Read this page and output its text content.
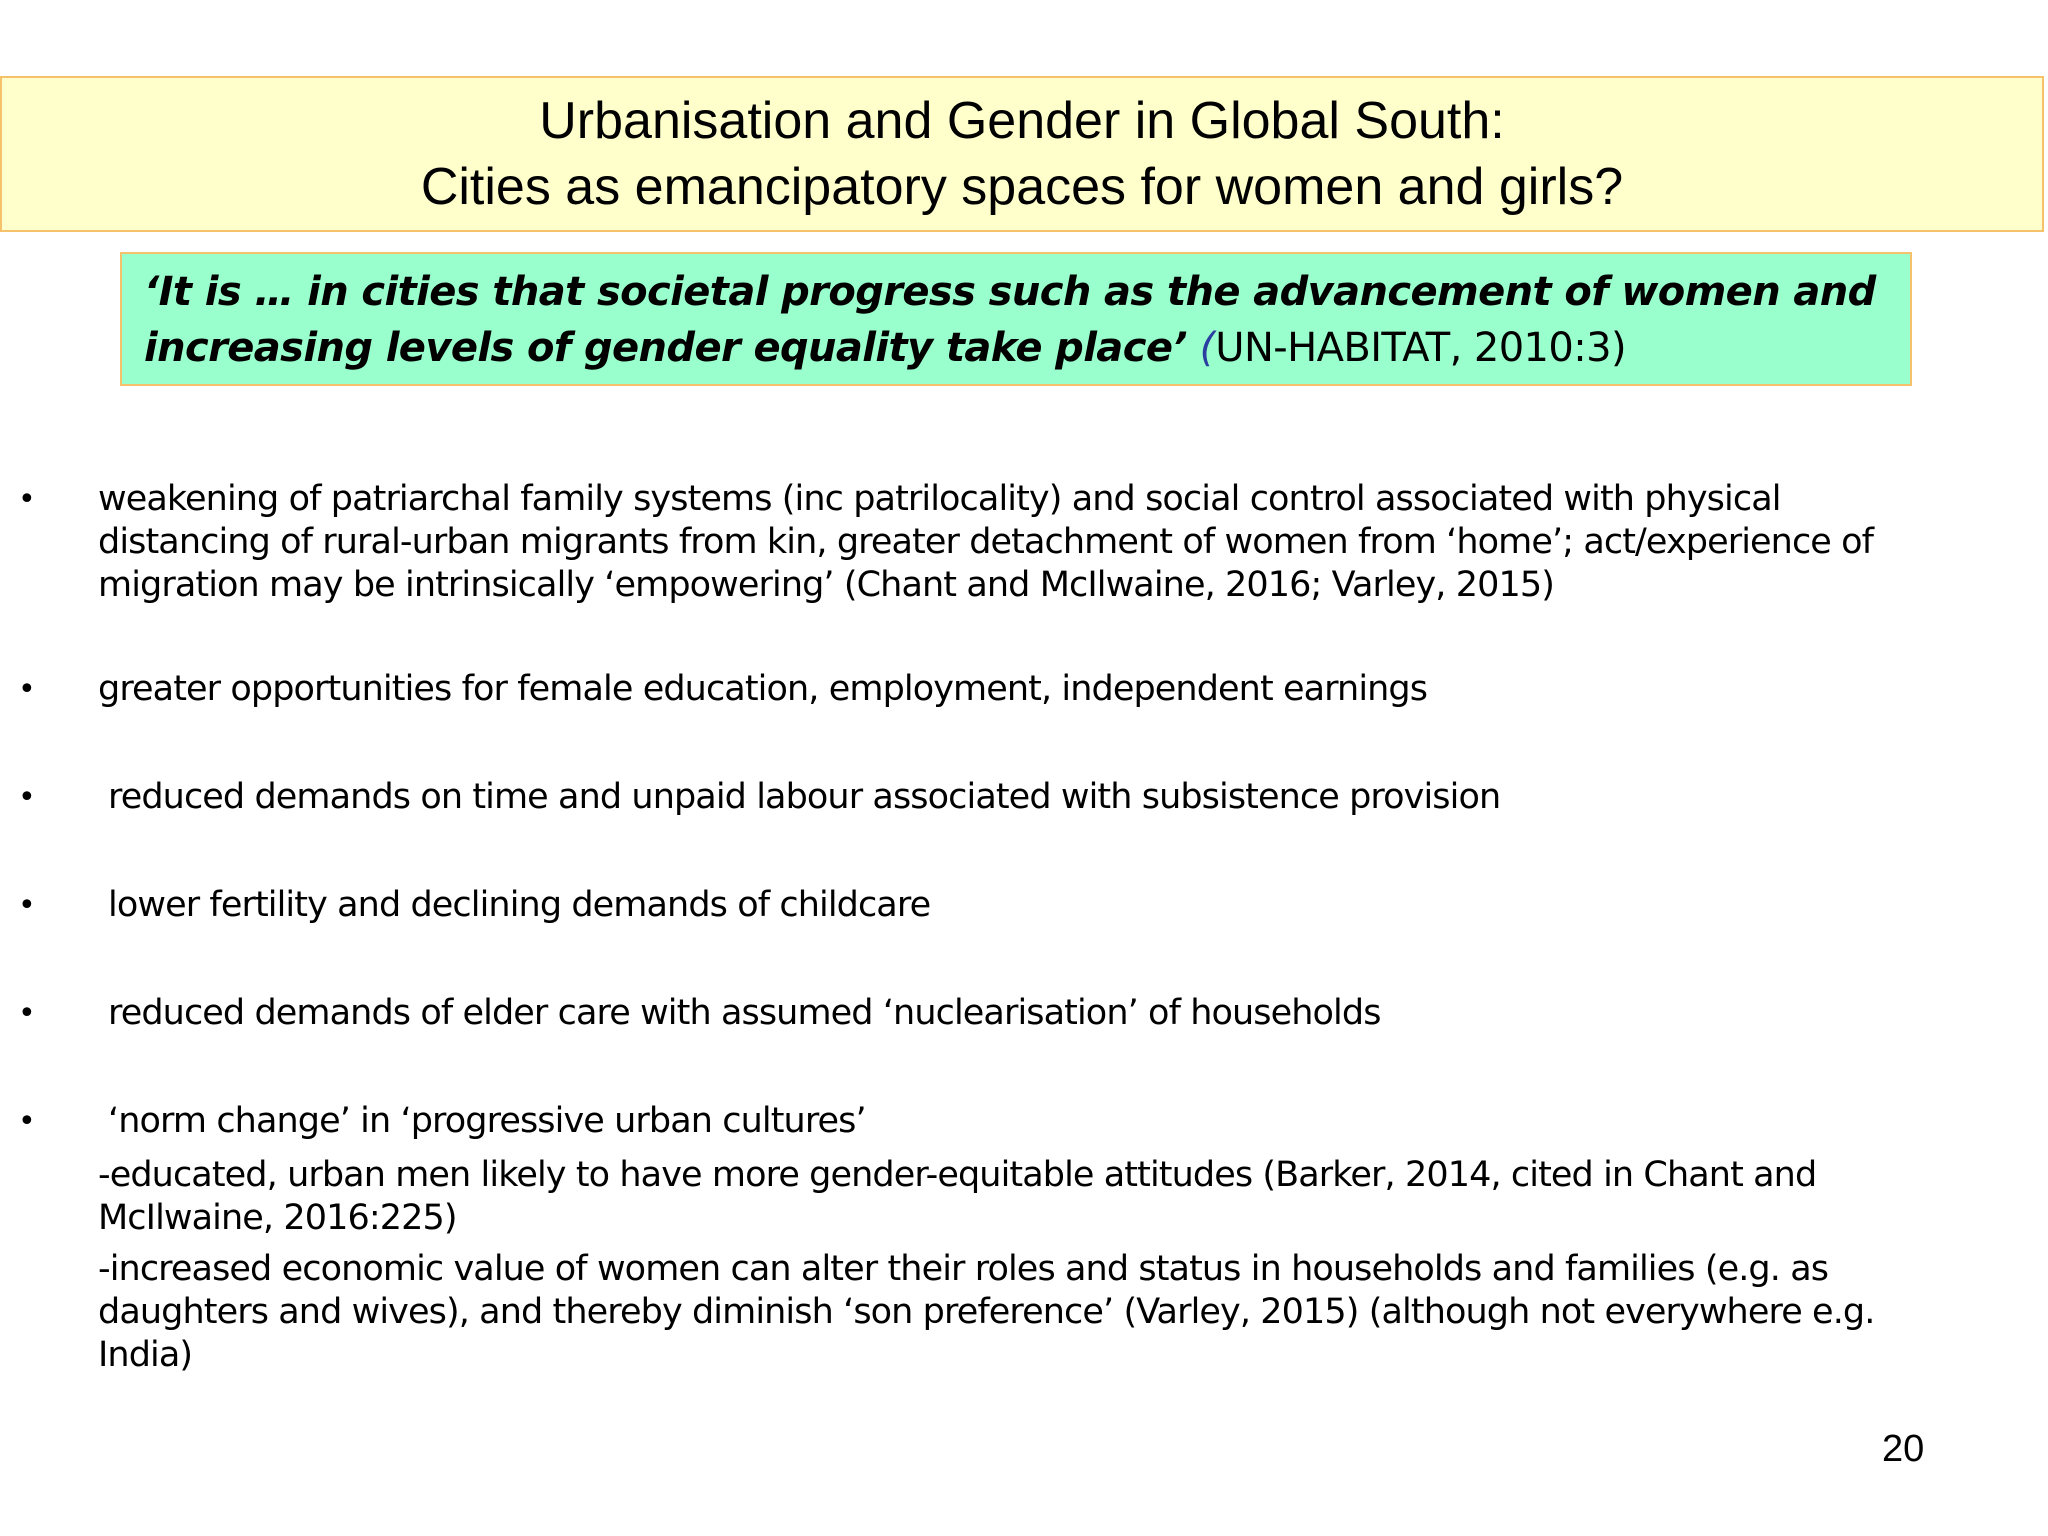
Urbanisation and Gender in Global South:
Cities as emancipatory spaces for women and girls?
‘It is … in cities that societal progress such as the advancement of women and
increasing levels of gender equality take place’ (UN-HABITAT, 2010:3)
• weakening of patriarchal family systems (inc patrilocality) and social control associated with physical
distancing of rural-urban migrants from kin, greater detachment of women from ‘home’; act/experience of
migration may be intrinsically ‘empowering’ (Chant and McIlwaine, 2016; Varley, 2015)
• greater opportunities for female education, employment, independent earnings
• reduced demands on time and unpaid labour associated with subsistence provision
• lower fertility and declining demands of childcare
• reduced demands of elder care with assumed ‘nuclearisation’ of households
• ‘norm change’ in ‘progressive urban cultures’
-educated, urban men likely to have more gender-equitable attitudes (Barker, 2014, cited in Chant and
McIlwaine, 2016:225)
-increased economic value of women can alter their roles and status in households and families (e.g. as
daughters and wives), and thereby diminish ‘son preference’ (Varley, 2015) (although not everywhere e.g.
India)
20
